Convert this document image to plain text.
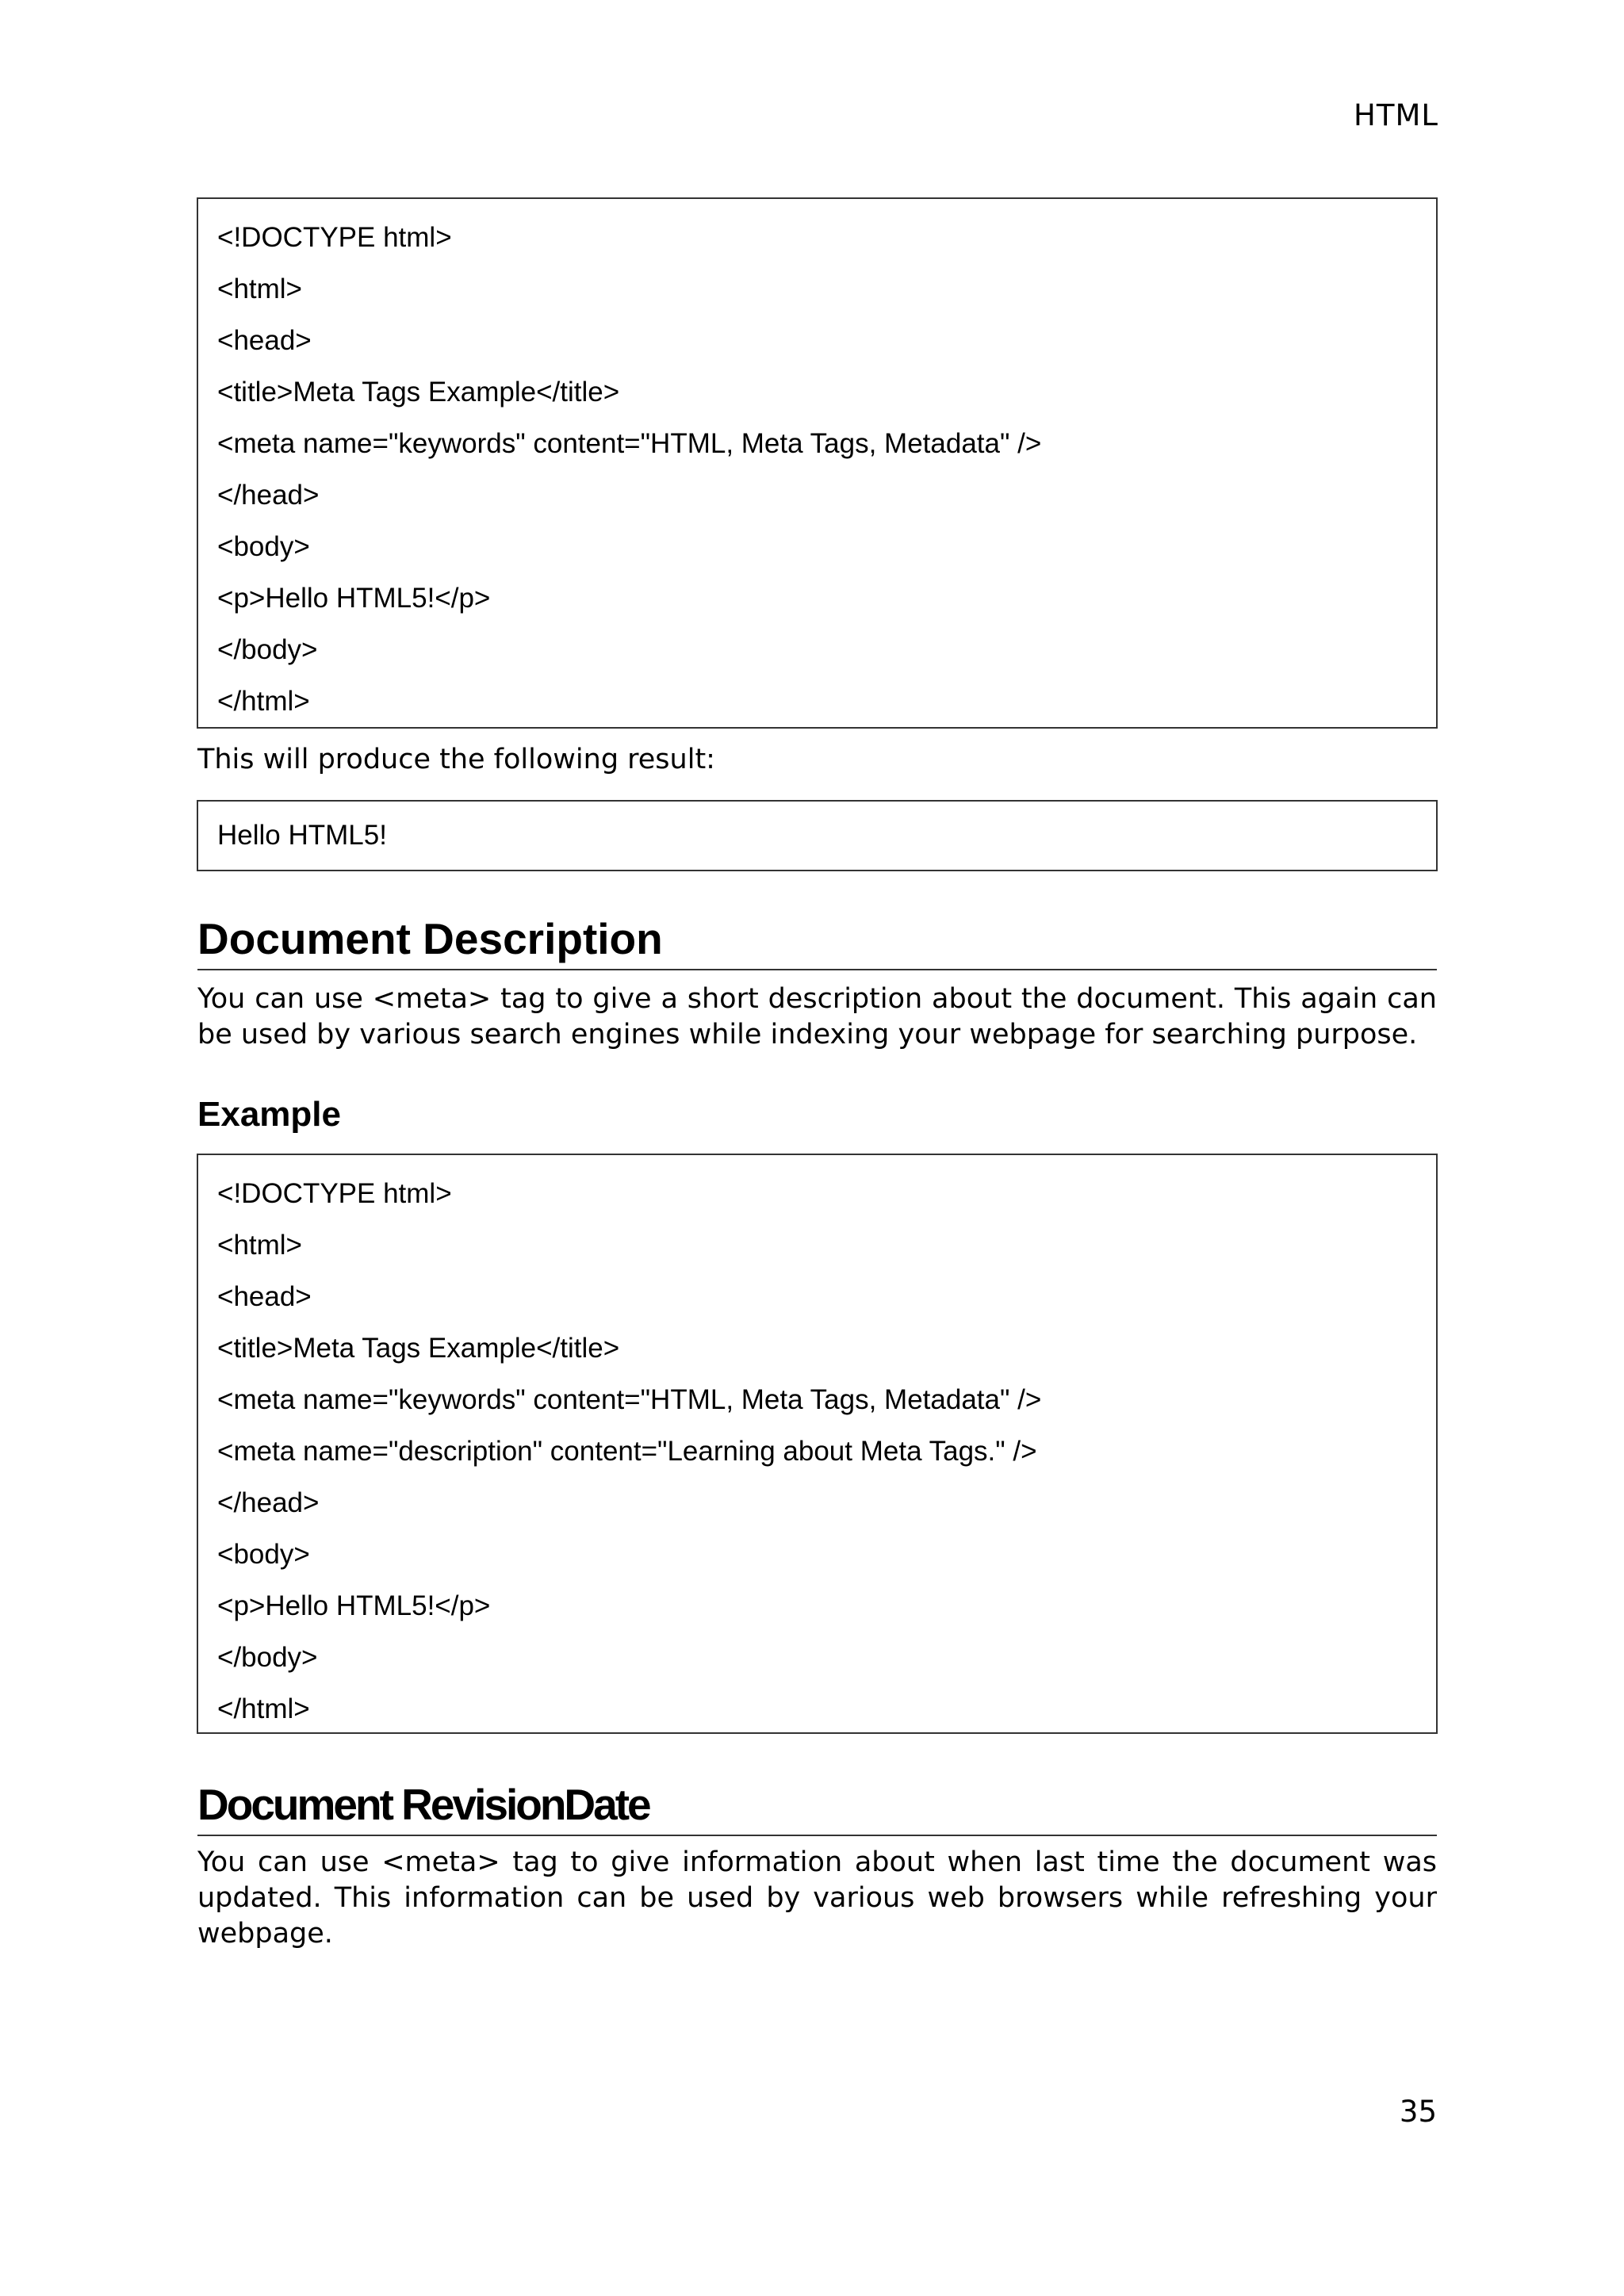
HTML
<!DOCTYPE html>
<html>
<head>
<title>Meta Tags Example</title>
<meta name="keywords" content="HTML, Meta Tags, Metadata" />
</head>
<body>
<p>Hello HTML5!</p>
</body>
</html>

This will produce the following result:

Hello HTML5!
Document Description

You can use <meta> tag to give a short description about the document. This again can be used by various search engines while indexing your webpage for searching purpose.

Example
<!DOCTYPE html>
<html>
<head>
<title>Meta Tags Example</title>
<meta name="keywords" content="HTML, Meta Tags, Metadata" />
<meta name="description" content="Learning about Meta Tags." />
</head>
<body>
<p>Hello HTML5!</p>
</body>
</html>
Document RevisionDate

You can use <meta> tag to give information about when last time the document was updated. This information can be used by various web browsers while refreshing your webpage.

35
